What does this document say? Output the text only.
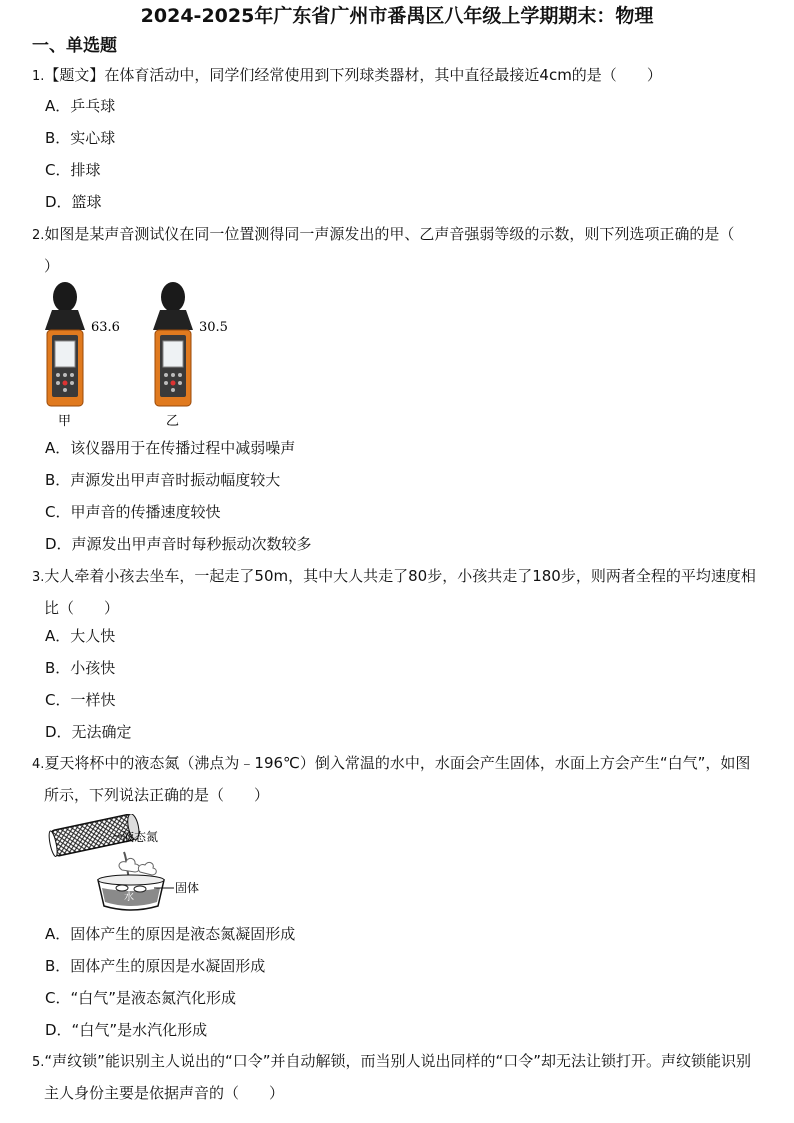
2024-2025年广东省广州市番禺区八年级上学期期末：物理
一、单选题
1.【题文】在体育活动中，同学们经常使用到下列球类器材，其中直径最接近4cm的是（　　）
A．乒乓球
B．实心球
C．排球
D．篮球
2.如图是某声音测试仪在同一位置测得同一声源发出的甲、乙声音强弱等级的示数，则下列选项正确的是（
）
63.6
甲
30.5
乙
A．该仪器用于在传播过程中减弱噪声
B．声源发出甲声音时振动幅度较大
C．甲声音的传播速度较快
D．声源发出甲声音时每秒振动次数较多
3.大人牵着小孩去坐车，一起走了50m，其中大人共走了80步，小孩共走了180步，则两者全程的平均速度相
比（　　）
A．大人快
B．小孩快
C．一样快
D．无法确定
4.夏天将杯中的液态氮（沸点为﹣196℃）倒入常温的水中，水面会产生固体，水面上方会产生“白气”，如图
所示，下列说法正确的是（　　）
液态氮
水
固体
A．固体产生的原因是液态氮凝固形成
B．固体产生的原因是水凝固形成
C．“白气”是液态氮汽化形成
D．“白气”是水汽化形成
5.“声纹锁”能识别主人说出的“口令”并自动解锁，而当别人说出同样的“口令”却无法让锁打开。声纹锁能识别
主人身份主要是依据声音的（　　）
